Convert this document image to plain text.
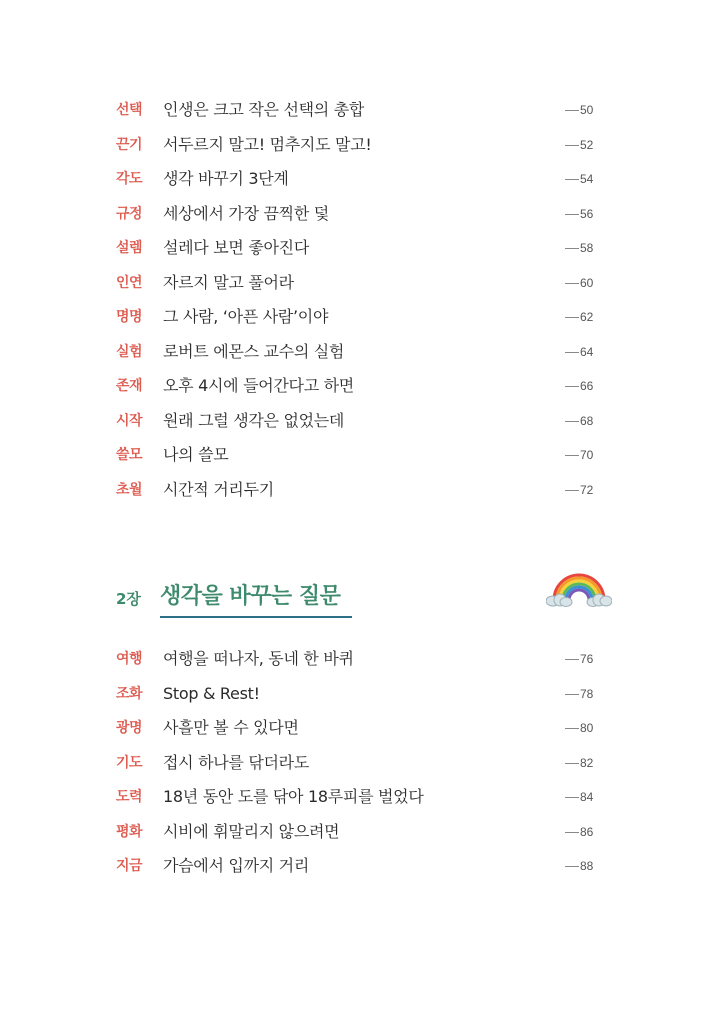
선택 인생은 크고 작은 선택의 총합	50
끈기 서두르지 말고! 멈추지도 말고!	52
각도 생각 바꾸기 3단계	54
규정 세상에서 가장 끔찍한 덫	56
설렘 설레다 보면 좋아진다	58
인연 자르지 말고 풀어라	60
명명 그 사람, ‘아픈 사람’이야	62
실험 로버트 에몬스 교수의 실험	64
존재 오후 4시에 들어간다고 하면	66
시작 원래 그럴 생각은 없었는데	68
쓸모 나의 쓸모	70
초월 시간적 거리두기	72
2장 생각을 바꾸는 질문
여행 여행을 떠나자, 동네 한 바퀴	76
조화 Stop & Rest!	78
광명 사흘만 볼 수 있다면	80
기도 접시 하나를 닦더라도	82
도력 18년 동안 도를 닦아 18루피를 벌었다	84
평화 시비에 휘말리지 않으려면	86
지금 가슴에서 입까지 거리	88
